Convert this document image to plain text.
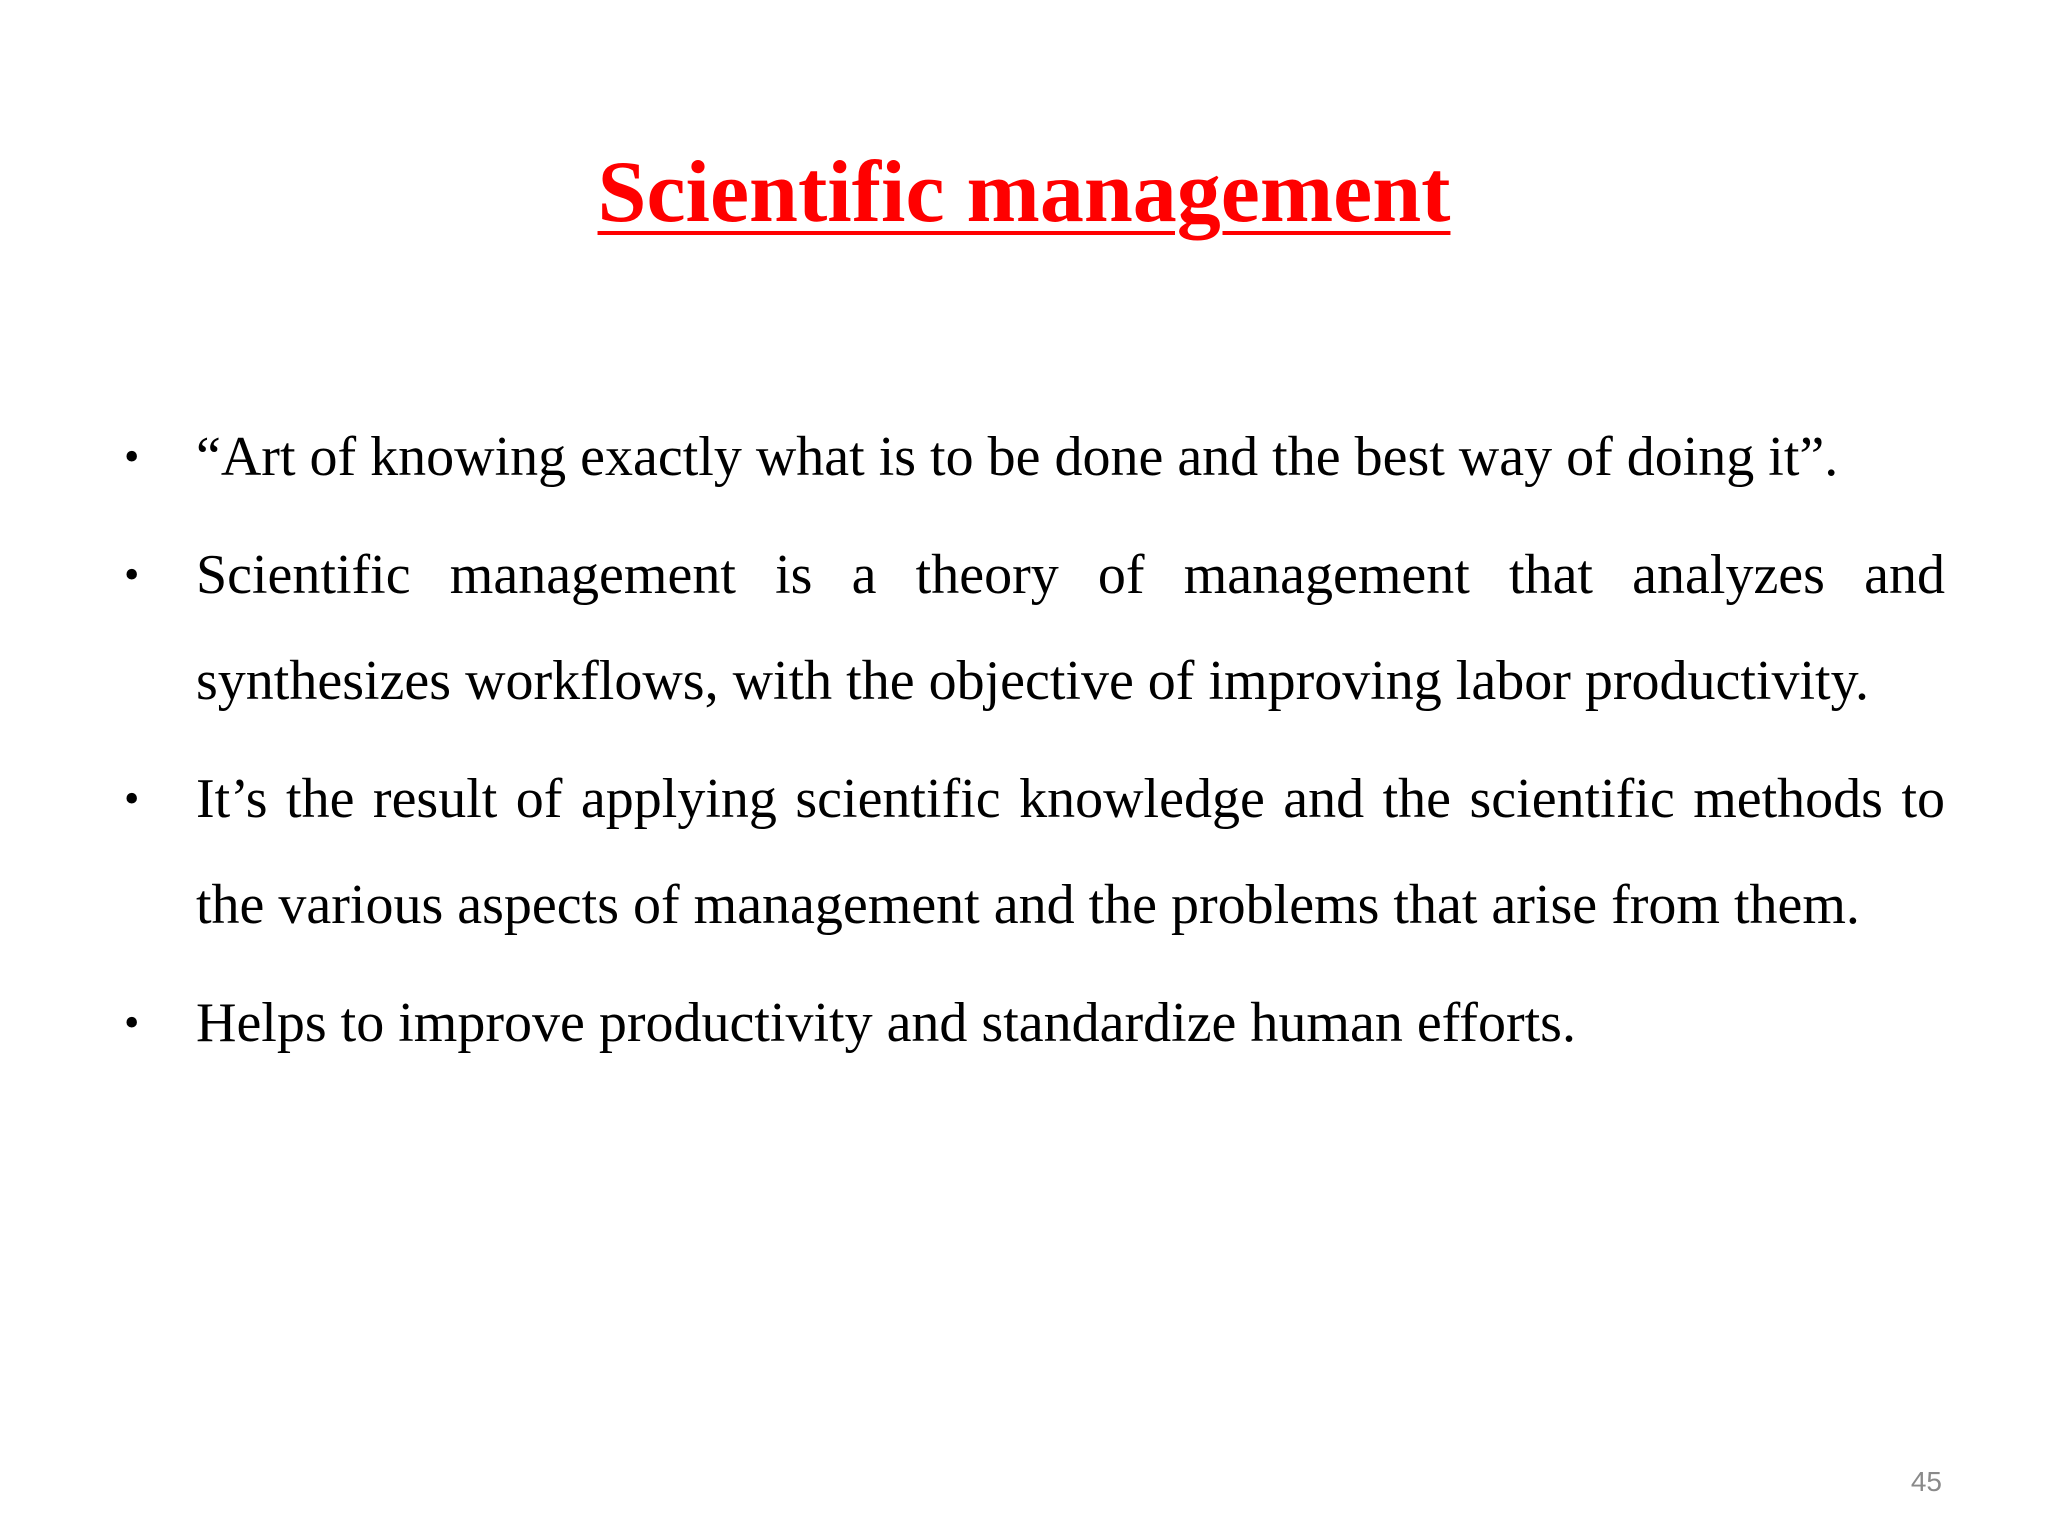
Scientific management
• “Art of knowing exactly what is to be done and the best way of doing it”.
• Scientific management is a theory of management that analyzes and synthesizes workflows, with the objective of improving labor productivity.
• It’s the result of applying scientific knowledge and the scientific methods to the various aspects of management and the problems that arise from them.
• Helps to improve productivity and standardize human efforts.
45
